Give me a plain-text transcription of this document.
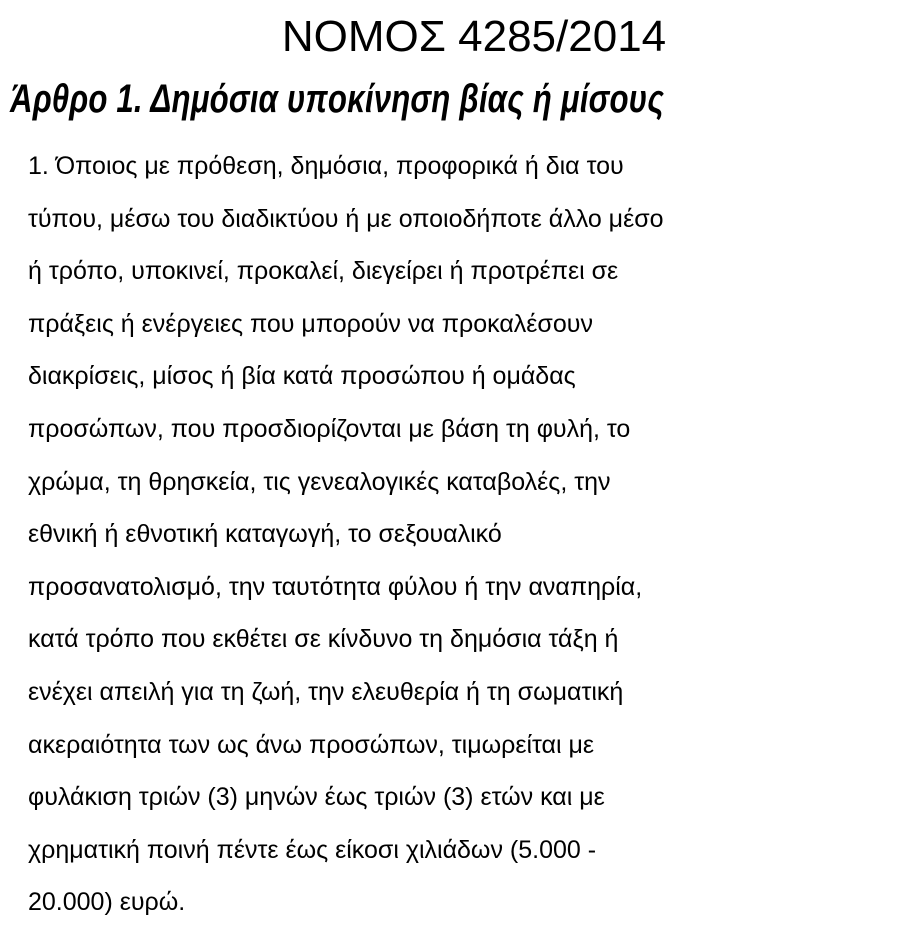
ΝΟΜΟΣ 4285/2014
Άρθρο 1. Δημόσια υποκίνηση βίας ή μίσους
1. Όποιος με πρόθεση, δημόσια, προφορικά ή δια του
τύπου, μέσω του διαδικτύου ή με οποιοδήποτε άλλο μέσο
ή τρόπο, υποκινεί, προκαλεί, διεγείρει ή προτρέπει σε
πράξεις ή ενέργειες που μπορούν να προκαλέσουν
διακρίσεις, μίσος ή βία κατά προσώπου ή ομάδας
προσώπων, που προσδιορίζονται με βάση τη φυλή, το
χρώμα, τη θρησκεία, τις γενεαλογικές καταβολές, την
εθνική ή εθνοτική καταγωγή, το σεξουαλικό
προσανατολισμό, την ταυτότητα φύλου ή την αναπηρία,
κατά τρόπο που εκθέτει σε κίνδυνο τη δημόσια τάξη ή
ενέχει απειλή για τη ζωή, την ελευθερία ή τη σωματική
ακεραιότητα των ως άνω προσώπων, τιμωρείται με
φυλάκιση τριών (3) μηνών έως τριών (3) ετών και με
χρηματική ποινή πέντε έως είκοσι χιλιάδων (5.000 -
20.000) ευρώ.
